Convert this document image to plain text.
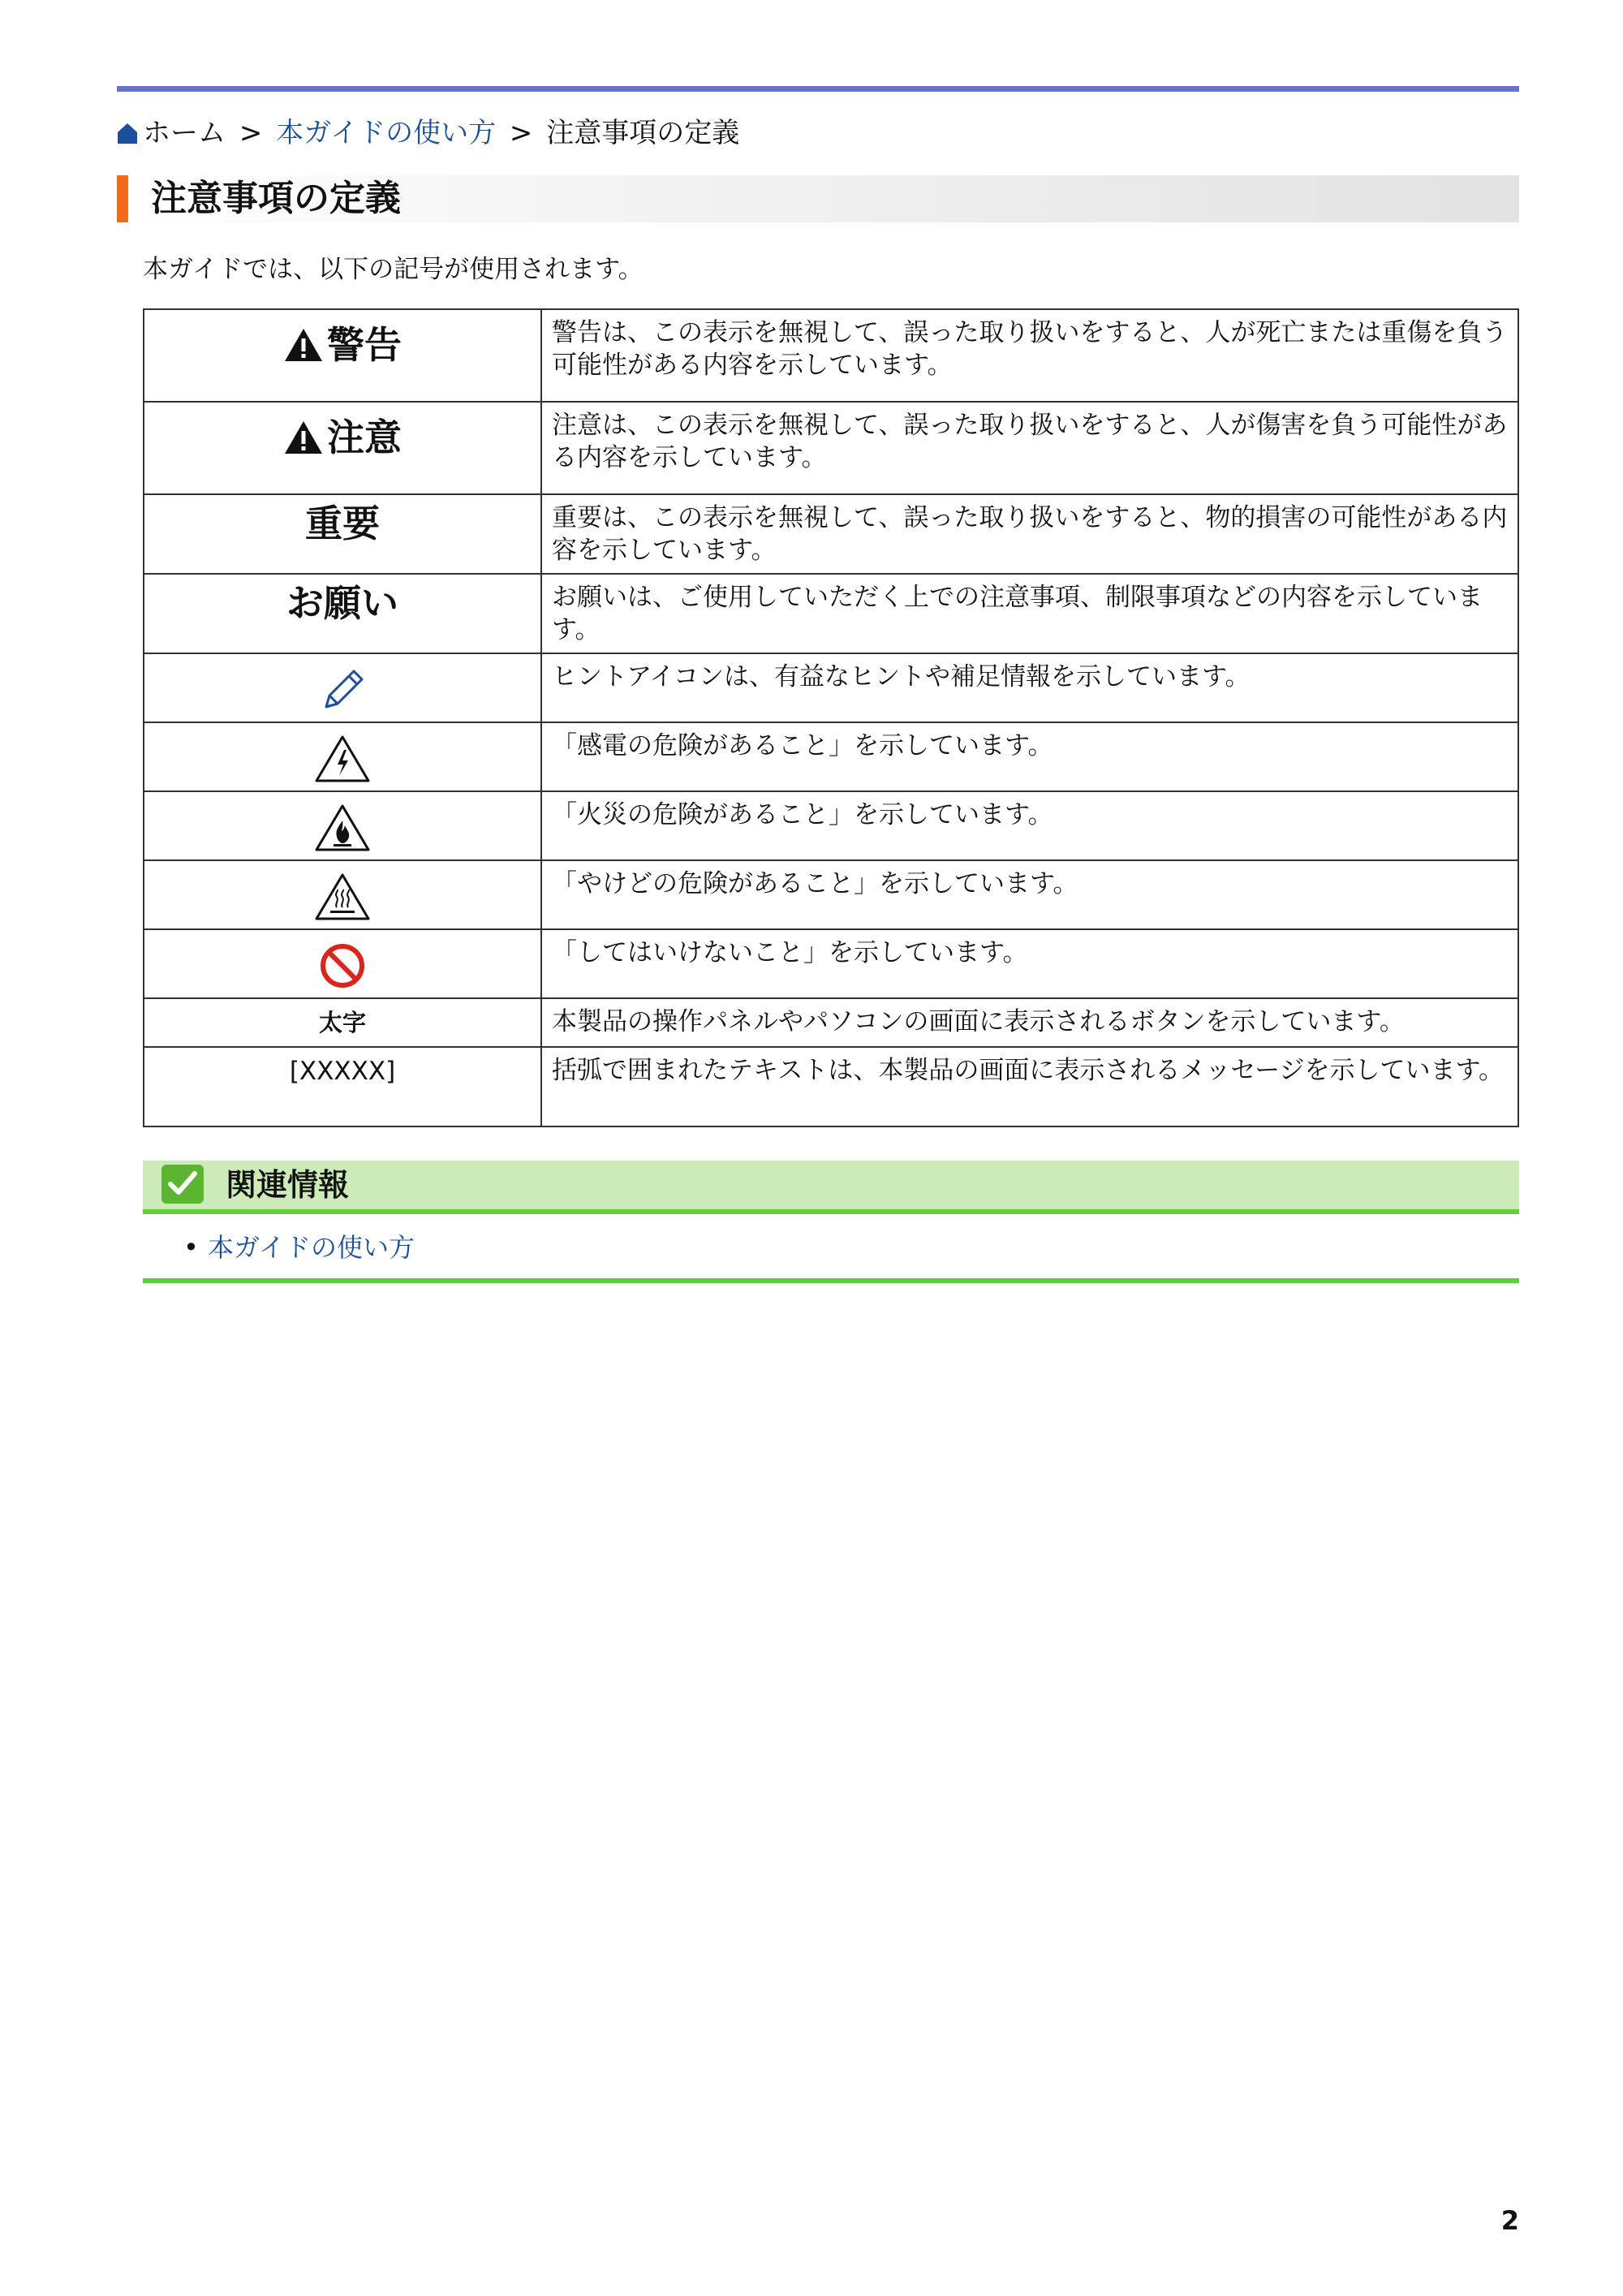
ホーム > 本ガイドの使い方 > 注意事項の定義
注意事項の定義
本ガイドでは、以下の記号が使用されます。
警告	警告は、この表示を無視して、誤った取り扱いをすると、人が死亡または重傷を負う可能性がある内容を示しています。

注意	注意は、この表示を無視して、誤った取り扱いをすると、人が傷害を負う可能性がある内容を示しています。

重要	重要は、この表示を無視して、誤った取り扱いをすると、物的損害の可能性がある内容を示しています。

お願い	お願いは、ご使用していただく上での注意事項、制限事項などの内容を示しています。

	ヒントアイコンは、有益なヒントや補足情報を示しています。

	「感電の危険があること」を示しています。

	「火災の危険があること」を示しています。

	「やけどの危険があること」を示しています。

	「してはいけないこと」を示しています。

太字	本製品の操作パネルやパソコンの画面に表示されるボタンを示しています。

[XXXXX]	括弧で囲まれたテキストは、本製品の画面に表示されるメッセージを示しています。
関連情報
• 本ガイドの使い方
2
